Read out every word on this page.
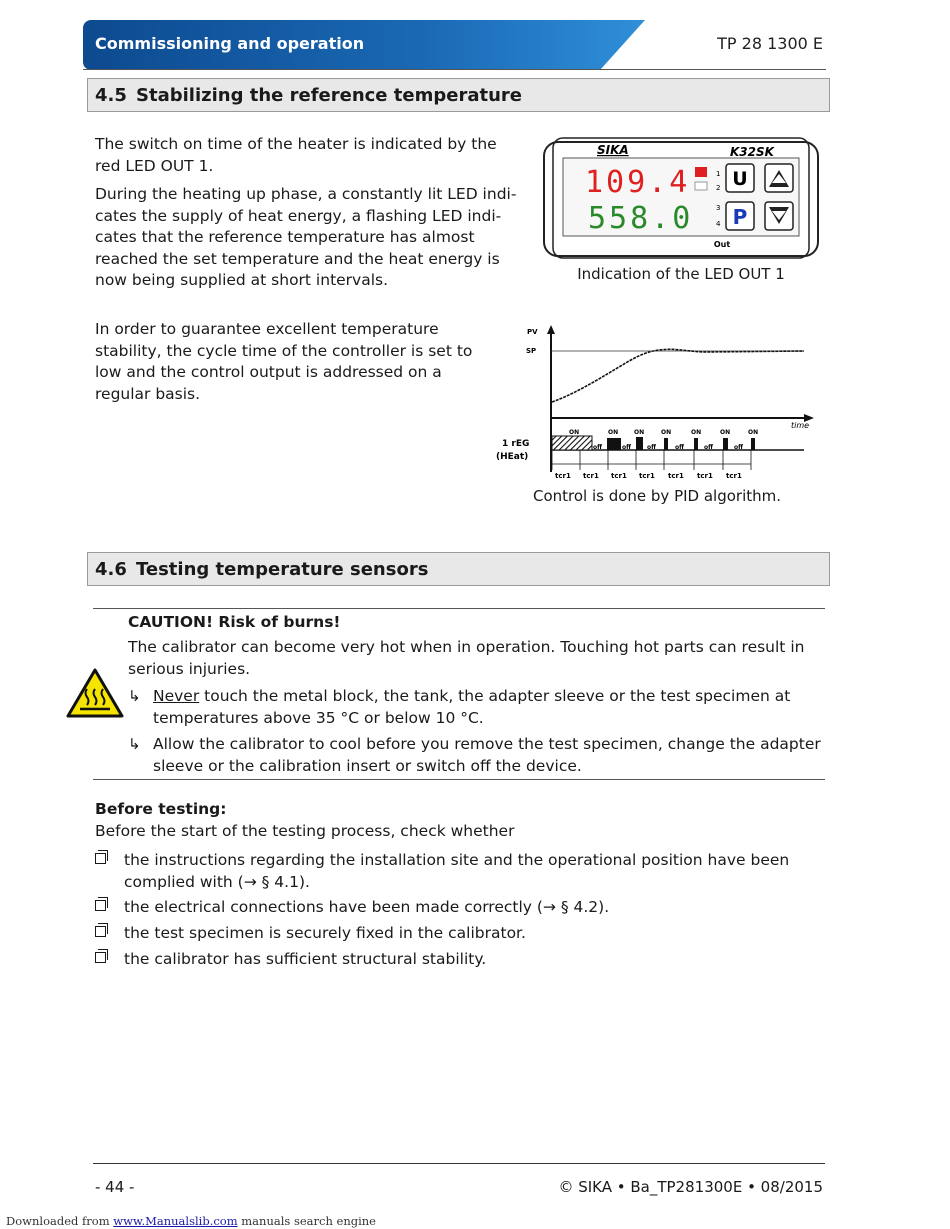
Commissioning and operation	TP 28 1300 E
4.5 Stabilizing the reference temperature
The switch on time of the heater is indicated by the red LED OUT 1.
During the heating up phase, a constantly lit LED indi-
cates the supply of heat energy, a flashing LED indi-
cates that the reference temperature has almost
reached the set temperature and the heat energy is
now being supplied at short intervals.
SIKA	K32SK
109.4
558.0
1
2
3
4
U
P
Out
Indication of the LED OUT 1
In order to guarantee excellent temperature
stability, the cycle time of the controller is set to
low and the control output is addressed on a
regular basis.
PV
SP
time
1 rEG
(HEat)
ON	ON	ON	ON	ON	ON	ON
off	off	off	off	off	off
tcr1 tcr1 tcr1 tcr1 tcr1 tcr1 tcr1
Control is done by PID algorithm.
4.6 Testing temperature sensors
CAUTION! Risk of burns!
The calibrator can become very hot when in operation. Touching hot parts can result in serious injuries.
↳ Never touch the metal block, the tank, the adapter sleeve or the test specimen at temperatures above 35 °C or below 10 °C.
↳ Allow the calibrator to cool before you remove the test specimen, change the adapter sleeve or the calibration insert or switch off the device.
Before testing:
Before the start of the testing process, check whether
the instructions regarding the installation site and the operational position have been complied with (→ § 4.1).
the electrical connections have been made correctly (→ § 4.2).
the test specimen is securely fixed in the calibrator.
the calibrator has sufficient structural stability.
- 44 -	© SIKA • Ba_TP281300E • 08/2015
Downloaded from www.Manualslib.com manuals search engine
